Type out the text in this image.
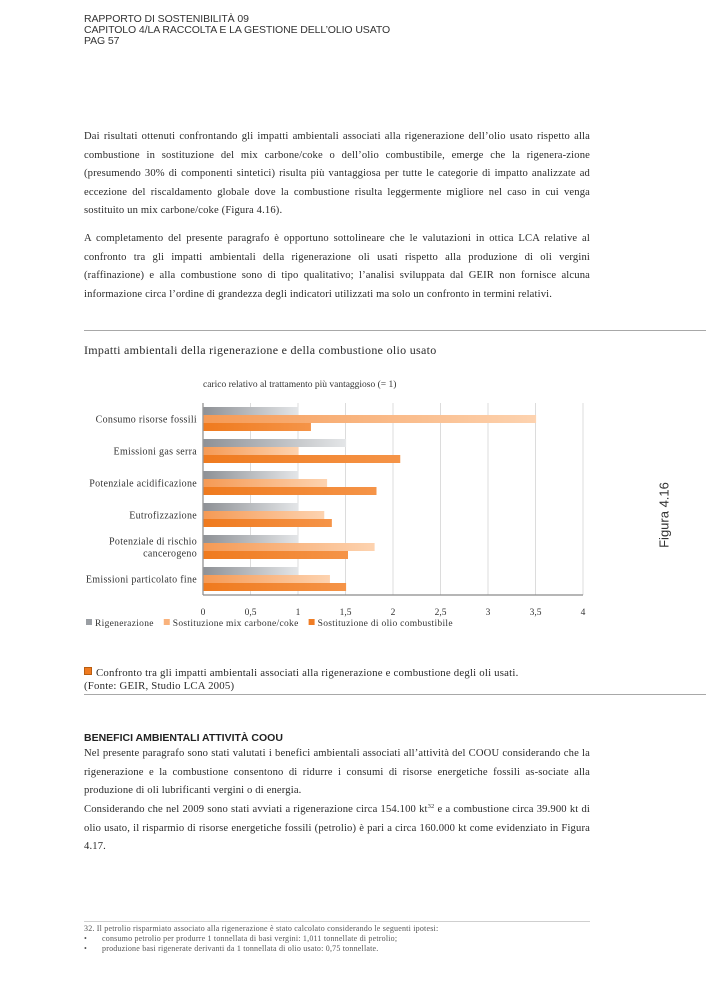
RAPPORTO DI SOSTENIBILITÀ 09
CAPITOLO 4/LA RACCOLTA E LA GESTIONE DELL’OLIO USATO
PAG 57
Dai risultati ottenuti confrontando gli impatti ambientali associati alla rigenerazione dell’olio usato rispetto alla combustione in sostituzione del mix carbone/coke o dell’olio combustibile, emerge che la rigenera-zione (presumendo 30% di componenti sintetici) risulta più vantaggiosa per tutte le categorie di impatto analizzate ad eccezione del riscaldamento globale dove la combustione risulta leggermente migliore nel caso in cui venga sostituito un mix carbone/coke (Figura 4.16).
A completamento del presente paragrafo è opportuno sottolineare che le valutazioni in ottica LCA relative al confronto tra gli impatti ambientali della rigenerazione oli usati rispetto alla produzione di oli vergini (raffinazione) e alla combustione sono di tipo qualitativo; l’analisi sviluppata dal GEIR non fornisce alcuna informazione circa l’ordine di grandezza degli indicatori utilizzati ma solo un confronto in termini relativi.
Impatti ambientali della rigenerazione e della combustione olio usato
Figura 4.16
carico relativo al trattamento più vantaggioso (= 1)
Consumo risorse fossili
Emissioni gas serra
Potenziale acidificazione
Eutrofizzazione
Potenziale di rischio
cancerogeno
Emissioni particolato fine
0	0,5	1	1,5	2	2,5	3	3,5	4
Rigenerazione Sostituzione mix carbone/coke Sostituzione di olio combustibile
Confronto tra gli impatti ambientali associati alla rigenerazione e combustione degli oli usati.
(Fonte: GEIR, Studio LCA 2005)
BENEFICI AMBIENTALI ATTIVITÀ COOU
Nel presente paragrafo sono stati valutati i benefici ambientali associati all’attività del COOU considerando che la rigenerazione e la combustione consentono di ridurre i consumi di risorse energetiche fossili as-sociate alla produzione di oli lubrificanti vergini o di energia.
Considerando che nel 2009 sono stati avviati a rigenerazione circa 154.100 $kt^{32}$ e a combustione circa 39.900 kt di olio usato, il risparmio di risorse energetiche fossili (petrolio) è pari a circa 160.000 kt come evidenziato in Figura 4.17.
32. Il petrolio risparmiato associato alla rigenerazione è stato calcolato considerando le seguenti ipotesi:
•	consumo petrolio per produrre 1 tonnellata di basi vergini: 1,011 tonnellate di petrolio;
•	produzione basi rigenerate derivanti da 1 tonnellata di olio usato: 0,75 tonnellate.
